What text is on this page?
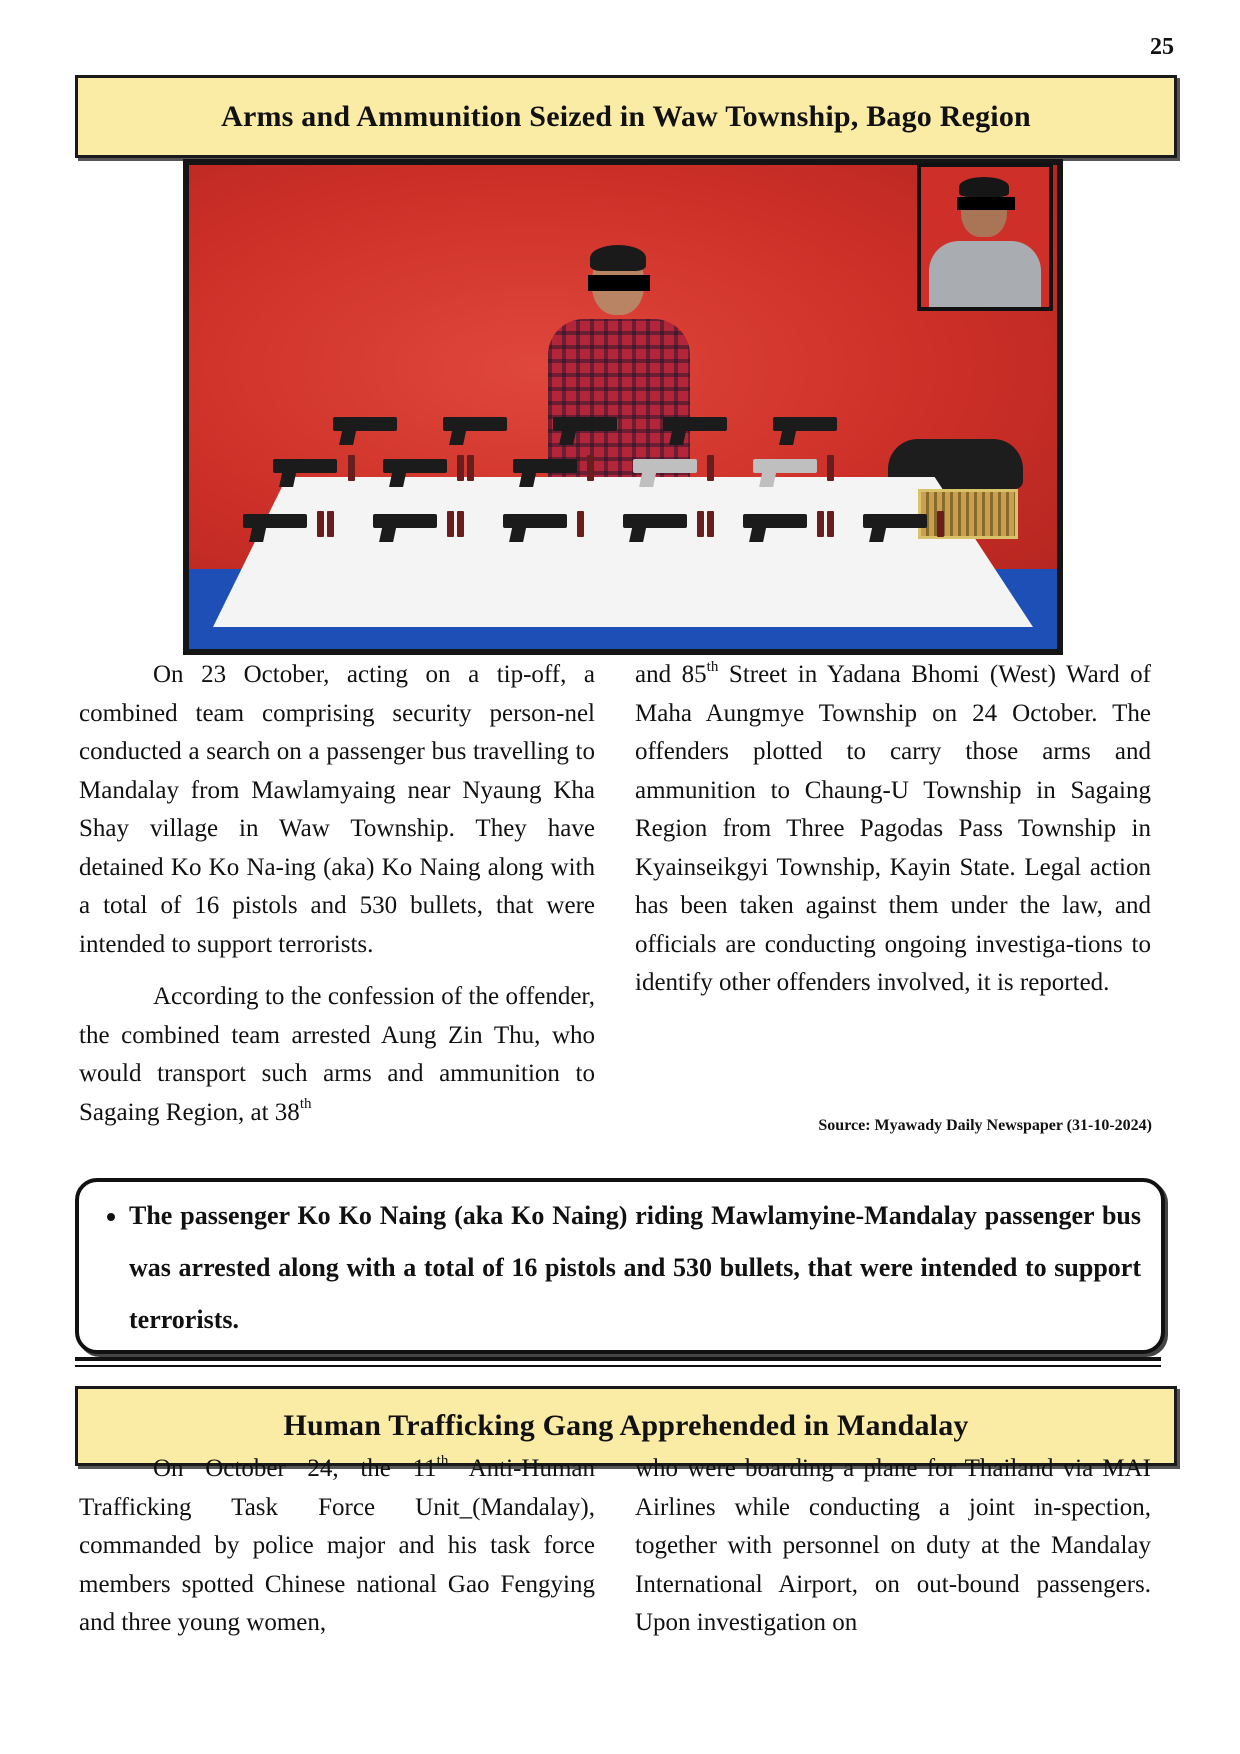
25
Arms and Ammunition Seized in Waw Township, Bago Region

On 23 October, acting on a tip-off, a combined team comprising security person-nel conducted a search on a passenger bus travelling to Mandalay from Mawlamyaing near Nyaung Kha Shay village in Waw Township. They have detained Ko Ko Na-ing (aka) Ko Naing along with a total of 16 pistols and 530 bullets, that were intended to support terrorists.

According to the confession of the offender, the combined team arrested Aung Zin Thu, who would transport such arms and ammunition to Sagaing Region, at 38th

and 85th Street in Yadana Bhomi (West) Ward of Maha Aungmye Township on 24 October. The offenders plotted to carry those arms and ammunition to Chaung-U Township in Sagaing Region from Three Pagodas Pass Township in Kyainseikgyi Township, Kayin State. Legal action has been taken against them under the law, and officials are conducting ongoing investiga-tions to identify other offenders involved, it is reported.

Source: Myawady Daily Newspaper (31-10-2024)
• The passenger Ko Ko Naing (aka Ko Naing) riding Mawlamyine-Mandalay passenger bus was arrested along with a total of 16 pistols and 530 bullets, that were intended to support terrorists.
Human Trafficking Gang Apprehended in Mandalay

On October 24, the 11th Anti-Human Trafficking Task Force Unit_(Mandalay), commanded by police major and his task force members spotted Chinese national Gao Fengying and three young women,

who were boarding a plane for Thailand via MAI Airlines while conducting a joint in-spection, together with personnel on duty at the Mandalay International Airport, on out-bound passengers. Upon investigation on
